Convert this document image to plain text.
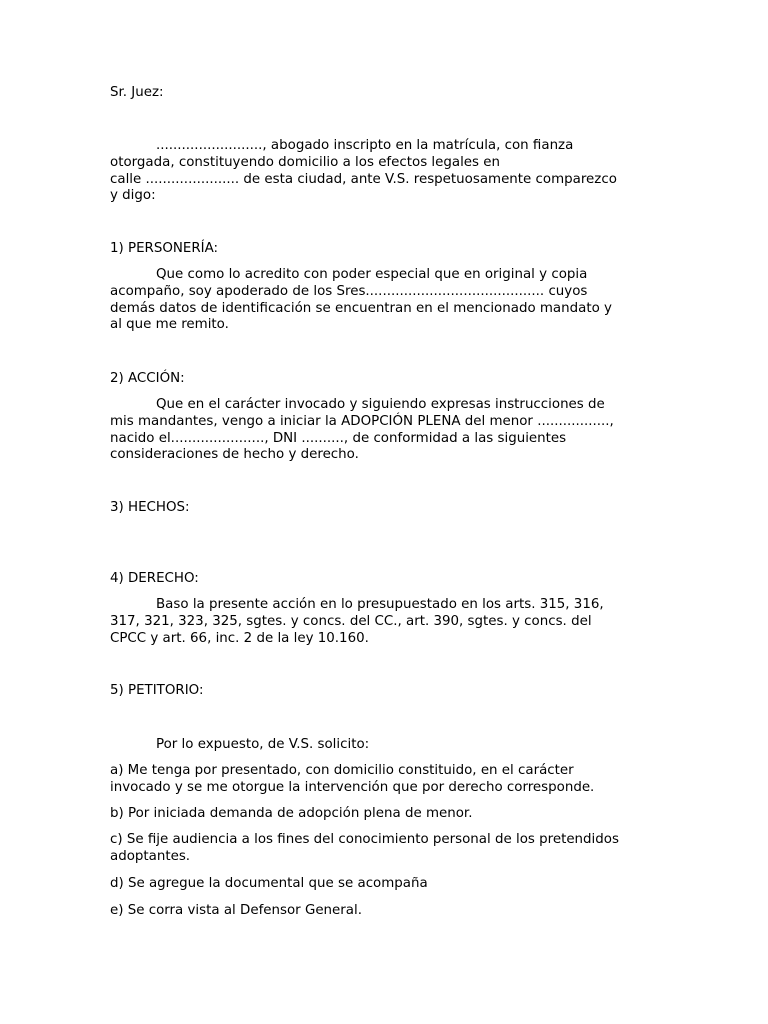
Sr. Juez:

........................., abogado inscripto en la matrícula, con fianza
otorgada, constituyendo domicilio a los efectos legales en
calle ...................... de esta ciudad, ante V.S. respetuosamente comparezco
y digo:

1) PERSONERÍA:

Que como lo acredito con poder especial que en original y copia
acompaño, soy apoderado de los Sres.......................................... cuyos
demás datos de identificación se encuentran en el mencionado mandato y
al que me remito.

2) ACCIÓN:

Que en el carácter invocado y siguiendo expresas instrucciones de
mis mandantes, vengo a iniciar la ADOPCIÓN PLENA del menor .................,
nacido el......................, DNI .........., de conformidad a las siguientes
consideraciones de hecho y derecho.

3) HECHOS:

4) DERECHO:

Baso la presente acción en lo presupuestado en los arts. 315, 316,
317, 321, 323, 325, sgtes. y concs. del CC., art. 390, sgtes. y concs. del
CPCC y art. 66, inc. 2 de la ley 10.160.

5) PETITORIO:

Por lo expuesto, de V.S. solicito:

a) Me tenga por presentado, con domicilio constituido, en el carácter
invocado y se me otorgue la intervención que por derecho corresponde.

b) Por iniciada demanda de adopción plena de menor.

c) Se fije audiencia a los fines del conocimiento personal de los pretendidos
adoptantes.

d) Se agregue la documental que se acompaña

e) Se corra vista al Defensor General.
